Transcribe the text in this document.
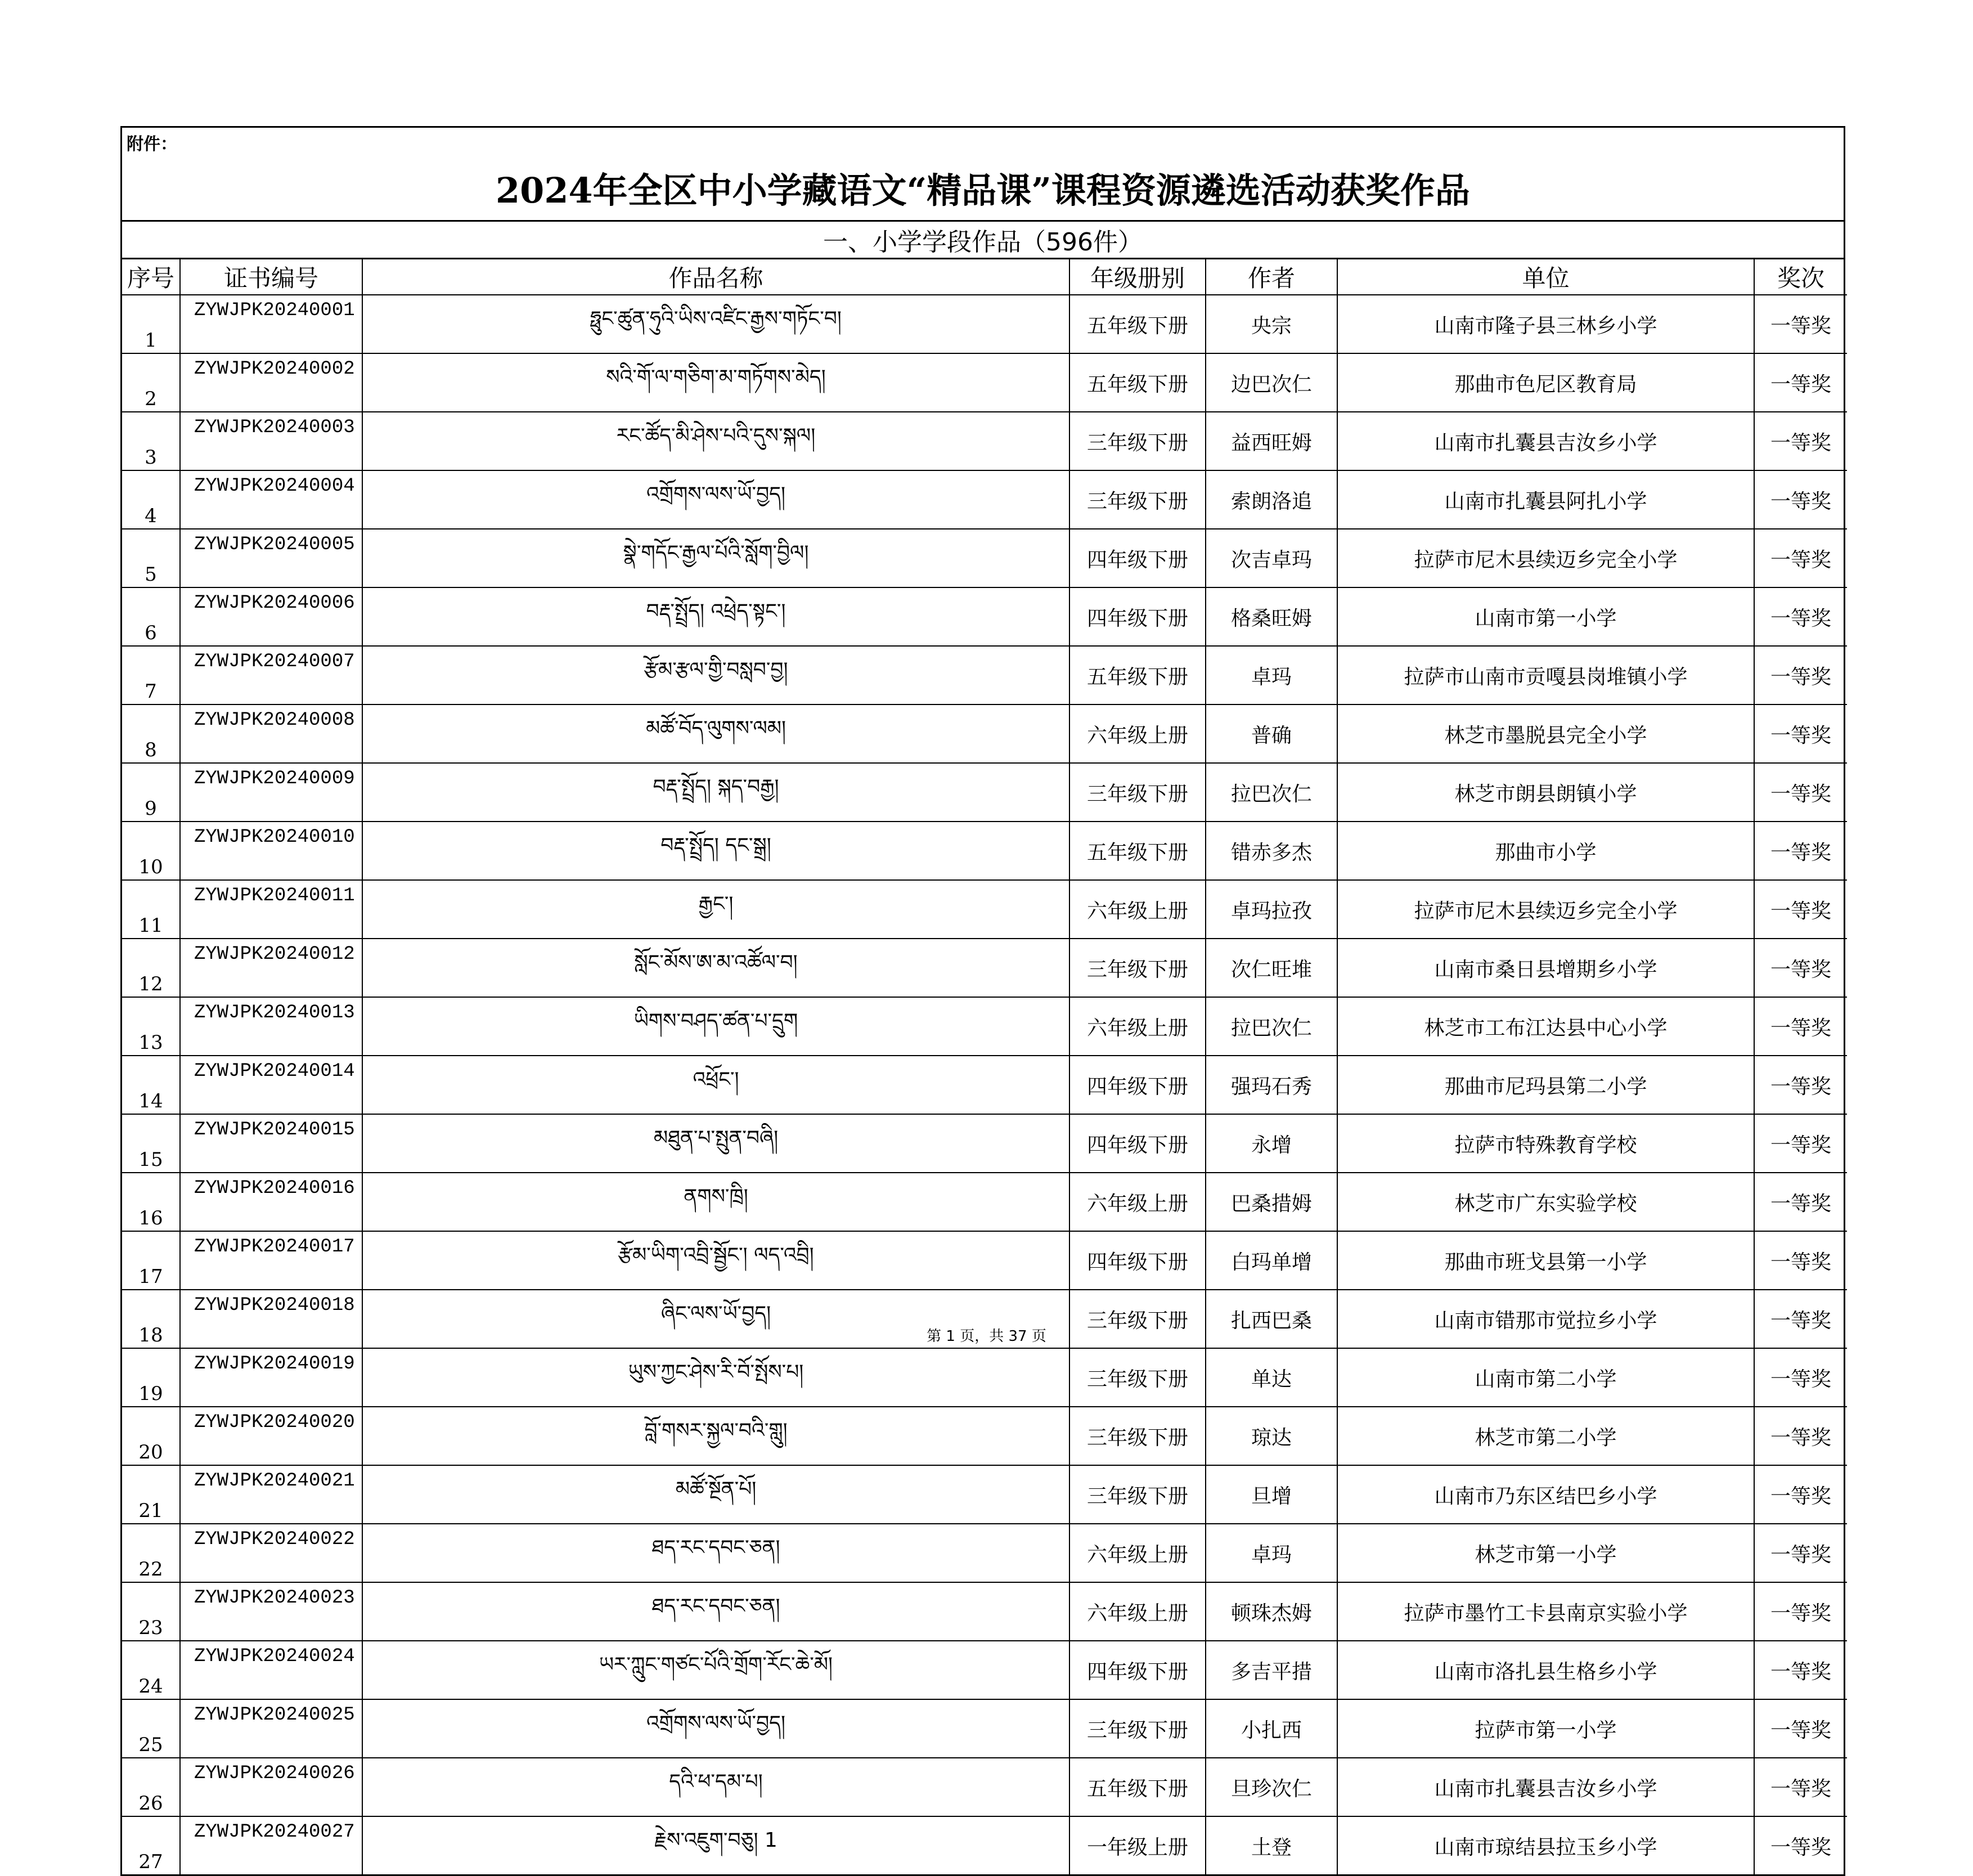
附件：
2024年全区中小学藏语文“精品课”课程资源遴选活动获奖作品
一、小学学段作品（596件）
序号	证书编号	作品名称	年级册别	作者	单位	奖次
1	ZYWJPK20240001	ཧྥུང་ཚུན་ཧུའི་ཡིས་འཛིང་རྒྱས་གཏོང་བ།	五年级下册	央宗	山南市隆子县三林乡小学	一等奖
2	ZYWJPK20240002	སའི་གོ་ལ་གཅིག་མ་གཏོགས་མེད།	五年级下册	边巴次仁	那曲市色尼区教育局	一等奖
3	ZYWJPK20240003	རང་ཚོད་མི་ཤེས་པའི་དུས་སྐལ།	三年级下册	益西旺姆	山南市扎囊县吉汝乡小学	一等奖
4	ZYWJPK20240004	འགྲོགས་ལས་ཡོ་བྱད།	三年级下册	索朗洛追	山南市扎囊县阿扎小学	一等奖
5	ZYWJPK20240005	སྣེ་གདོང་རྒྱལ་པོའི་སློག་བྱིལ།	四年级下册	次吉卓玛	拉萨市尼木县续迈乡完全小学	一等奖
6	ZYWJPK20240006	བརྡ་སྤྲོད། འཕྲེད་སྟང་།	四年级下册	格桑旺姆	山南市第一小学	一等奖
7	ZYWJPK20240007	རྩོམ་རྩལ་གྱི་བསླབ་བྱ།	五年级下册	卓玛	拉萨市山南市贡嘎县岗堆镇小学	一等奖
8	ZYWJPK20240008	མཚོ་བོད་ལུགས་ལམ།	六年级上册	普确	林芝市墨脱县完全小学	一等奖
9	ZYWJPK20240009	བརྡ་སྤྲོད། སྐད་བརྒྱ།	三年级下册	拉巴次仁	林芝市朗县朗镇小学	一等奖
10	ZYWJPK20240010	བརྡ་སྤྲོད། དང་སྒྲ།	五年级下册	错赤多杰	那曲市小学	一等奖
11	ZYWJPK20240011	རྒྱང་།	六年级上册	卓玛拉孜	拉萨市尼木县续迈乡完全小学	一等奖
12	ZYWJPK20240012	སློང་མོས་ཨ་མ་འཚོལ་བ།	三年级下册	次仁旺堆	山南市桑日县增期乡小学	一等奖
13	ZYWJPK20240013	ཡིགས་བཤད་ཚན་པ་དྲུག	六年级上册	拉巴次仁	林芝市工布江达县中心小学	一等奖
14	ZYWJPK20240014	འཕྲོང་།	四年级下册	强玛石秀	那曲市尼玛县第二小学	一等奖
15	ZYWJPK20240015	མཐུན་པ་སྤུན་བཞི།	四年级下册	永增	拉萨市特殊教育学校	一等奖
16	ZYWJPK20240016	ནགས་ཁྲི།	六年级上册	巴桑措姆	林芝市广东实验学校	一等奖
17	ZYWJPK20240017	རྩོམ་ཡིག་འབྲི་སྦྱོང་། ལད་འབྲི།	四年级下册	白玛单增	那曲市班戈县第一小学	一等奖
18	ZYWJPK20240018	ཞིང་ལས་ཡོ་བྱད།	三年级下册	扎西巴桑	山南市错那市觉拉乡小学	一等奖
19	ZYWJPK20240019	ཡུས་ཀྱང་ཤེས་རི་བོ་སྤོས་པ།	三年级下册	单达	山南市第二小学	一等奖
20	ZYWJPK20240020	བློ་གསར་སྐྱལ་བའི་གླུ།	三年级下册	琼达	林芝市第二小学	一等奖
21	ZYWJPK20240021	མཚོ་སྔོན་པོ།	三年级下册	旦增	山南市乃东区结巴乡小学	一等奖
22	ZYWJPK20240022	ཐད་རང་དབང་ཅན།	六年级上册	卓玛	林芝市第一小学	一等奖
23	ZYWJPK20240023	ཐད་རང་དབང་ཅན།	六年级上册	顿珠杰姆	拉萨市墨竹工卡县南京实验小学	一等奖
24	ZYWJPK20240024	ཡར་ཀླུང་གཙང་པོའི་གྲོག་རོང་ཆེ་མོ།	四年级下册	多吉平措	山南市洛扎县生格乡小学	一等奖
25	ZYWJPK20240025	འགྲོགས་ལས་ཡོ་བྱད།	三年级下册	小扎西	拉萨市第一小学	一等奖
26	ZYWJPK20240026	དའི་ཕ་དམ་པ།	五年级下册	旦珍次仁	山南市扎囊县吉汝乡小学	一等奖
27	ZYWJPK20240027	རྗེས་འཇུག་བཅུ། 1	一年级上册	土登	山南市琼结县拉玉乡小学	一等奖
第 1 页，共 37 页
